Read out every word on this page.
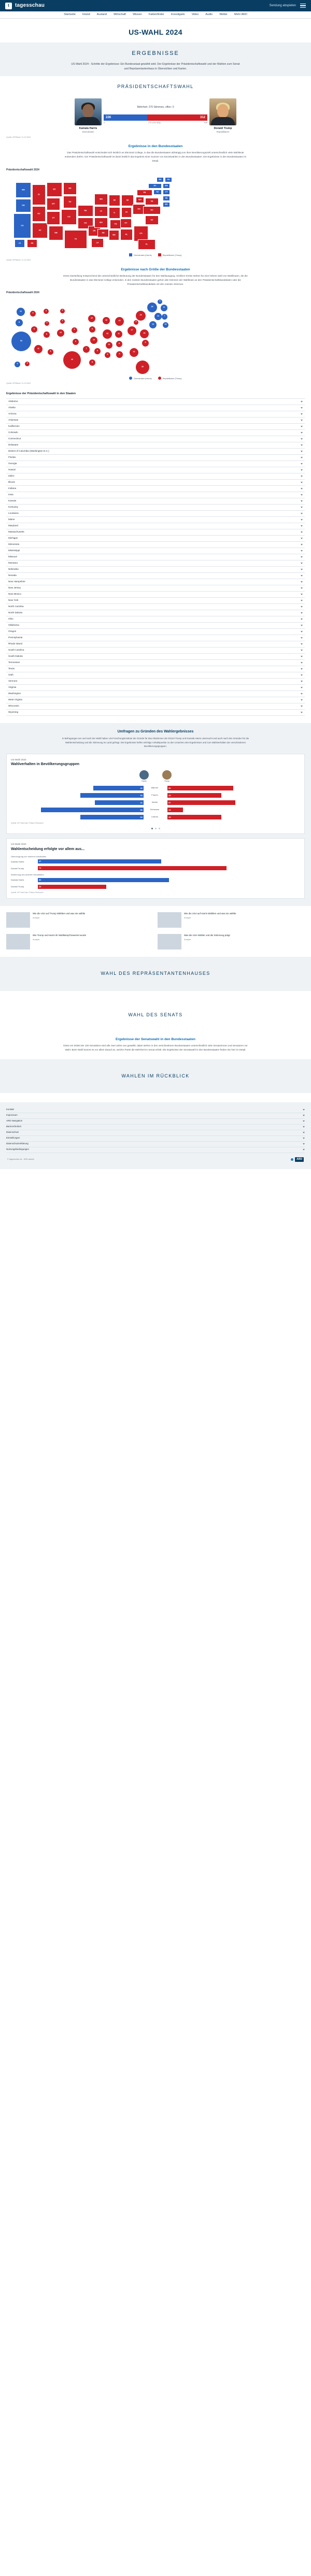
t tagesschau	Sendung abspielen
Startseite Inland Ausland Wirtschaft Wissen Faktenfinder Investigativ Video Audio Wetter Mehr ARD
US-WAHL 2024
ERGEBNISSE

US-Wahl 2024 - Schritte der Ergebnisse: Ein Bundesstaat gewählt wird. Der Ergebnisse der Präsidentschaftswahl und der Wahlen zum Senat und Repräsentantenhaus in Übersichten und Karten.

PRÄSIDENTSCHAFTSWAHL
Kamala Harris
Demokraten
Mehrheit: 270 Stimmen, offen: 0
226	312
0	270 zum Sieg	538
Donald Trump
Republikaner
Quelle: AP/Stand: 11.12.2024
Ergebnisse in den Bundesstaaten
Das Präsidentschaftswahl entscheidet sich letztlich an Electoral College, in das die Bundesstaaten abhängig von ihrer Bevölkerungszahl unterschiedlich viele Wahlleute entsenden dürfen. Der Präsidentschaftswahl ist damit letztlich das Ergebnis einer Summe von Einzelwahlen in den Bundesstaaten. Die Ergebnisse in den Bundesstaaten im Detail.
Präsidentschaftswahl 2024
WA
OR
CA
ID
NV
AZ
MT
WY
UT
NM
CO
ND
SD
NE
KS
TX
OK
MN
IA
MO
AR
LA
WI
IL	IN
MI
OH
TN
MS
KY
AL	GA
FL
SC
NC
VA
WV
PA	NJ
NY	MA
CT
DE
MD
ME	NH
HI	AK
Demokraten (Harris)	Republikaner (Trump)
Quelle: AP/Stand: 11.12.2024
Ergebnisse nach Größe der Bundesstaaten
Diese Darstellung entsprechend die unterschiedliche Bedeutung der Bundesstaaten für den Wahlausgang. Größere Kreise stehen für eine höhere Zahl von Wahlleuten, die die Bundesstaaten in das Electoral College entsenden. In den meisten Bundesstaaten gehen alle Stimmen der Wahlleute an den Präsidentschaftskandidaten oder die Präsidentschaftskandidatin mit den meisten Stimmen.
Präsidentschaftswahl 2024
12
8
54
4
6
11
4
3
6
5
10
3
3
5
6
40
7
10
6
10
6
8
10
19	11
15
17
11
6
8
9
16
30
9
16
13
4
19	14
28	11
7
10
4
4	3
Demokraten (Harris)	Republikaner (Trump)
Quelle: AP/Stand: 11.12.2024
Ergebnisse der Präsidentschaftswahl in den Staaten
Alabama
Alaska
Arizona
Arkansas
Kalifornien
Colorado
Connecticut
Delaware
District of Columbia (Washington D.C.)
Florida
Georgia
Hawaii
Idaho
Illinois
Indiana
Iowa
Kansas
Kentucky
Louisiana
Maine
Maryland
Massachusetts
Michigan
Minnesota
Mississippi
Missouri
Montana
Nebraska
Nevada
New Hampshire
New Jersey
New Mexico
New York
North Carolina
North Dakota
Ohio
Oklahoma
Oregon
Pennsylvania
Rhode Island
South Carolina
South Dakota
Tennessee
Texas
Utah
Vermont
Virginia
Washington
West Virginia
Wisconsin
Wyoming
Umfragen zu Gründen des Wahlergebnisses
In Befragungen am und nach der Wahl haben US-Forschungsinstitute die Gründe für das Abstimmen der Einzel-Trump und Kamala Harris untersucht und auch nach den Gründen für die Wahlentscheidung und die Stimmung im Land gefragt. Die Ergebnisse helfen wichtige Anhaltspunkte zu den Ursachen des Ergebnisses und zum Wahlverhalten der verschiedenen Bevölkerungsgruppen.
US-Wahl 2024
Wahlverhalten in Bevölkerungsgruppen
Harris	Trump
42	Männer	55
53	Frauen	45
41	Weiße	57
86	Schwarze	13
53	Latinos	45
Quelle: AP VoteCast / Edison Research
US-Wahl 2024
Wahlentscheidung erfolgte vor allem aus...
Überzeugung von meinem Kandidaten
Kamala Harris	47
Donald Trump	72
Ablehnung des anderen Kandidaten
Kamala Harris	50
Donald Trump	26
Quelle: AP VoteCast / Edison Research
Wie die USA auf Trump Wählten und was sie wählte
Analyse
Wie die USA auf Harris Wählten und was sie wählte
Analyse
Wie Trump und Harris ihr Wahlkampf bewertet wurde
Analyse
Was die USA Wähler und die Stimmung prägt
Analyse
WAHL DES REPRÄSENTANTENHAUSES
WAHL DES SENATS
Ergebnisse der Senatswahl in den Bundesstaaten
Diese ein Drittel der 100 Senatsitze wird alle zwei Jahre neu gewählt, dabei stehen in den verschiedenen Bundesstaaten unterschiedlich viele Senatorinnen und Senatoren zur Wahl. Beim Wahl kommt es vor allem darauf an, welche Partei die Mehrheit im Senat erhält. Die Ergebnisse der Senatswahl in den Bundesstaaten finden Sie hier im Detail.
WAHLEN IM RÜCKBLICK
Kontakt
Impressum
ARD Navigation
Barrierefreiheit
Datenschutz
Einstellungen
Datenschutzerklärung
Nutzungsbedingungen
© tagesschau.de - ARD-aktuell	ARD
